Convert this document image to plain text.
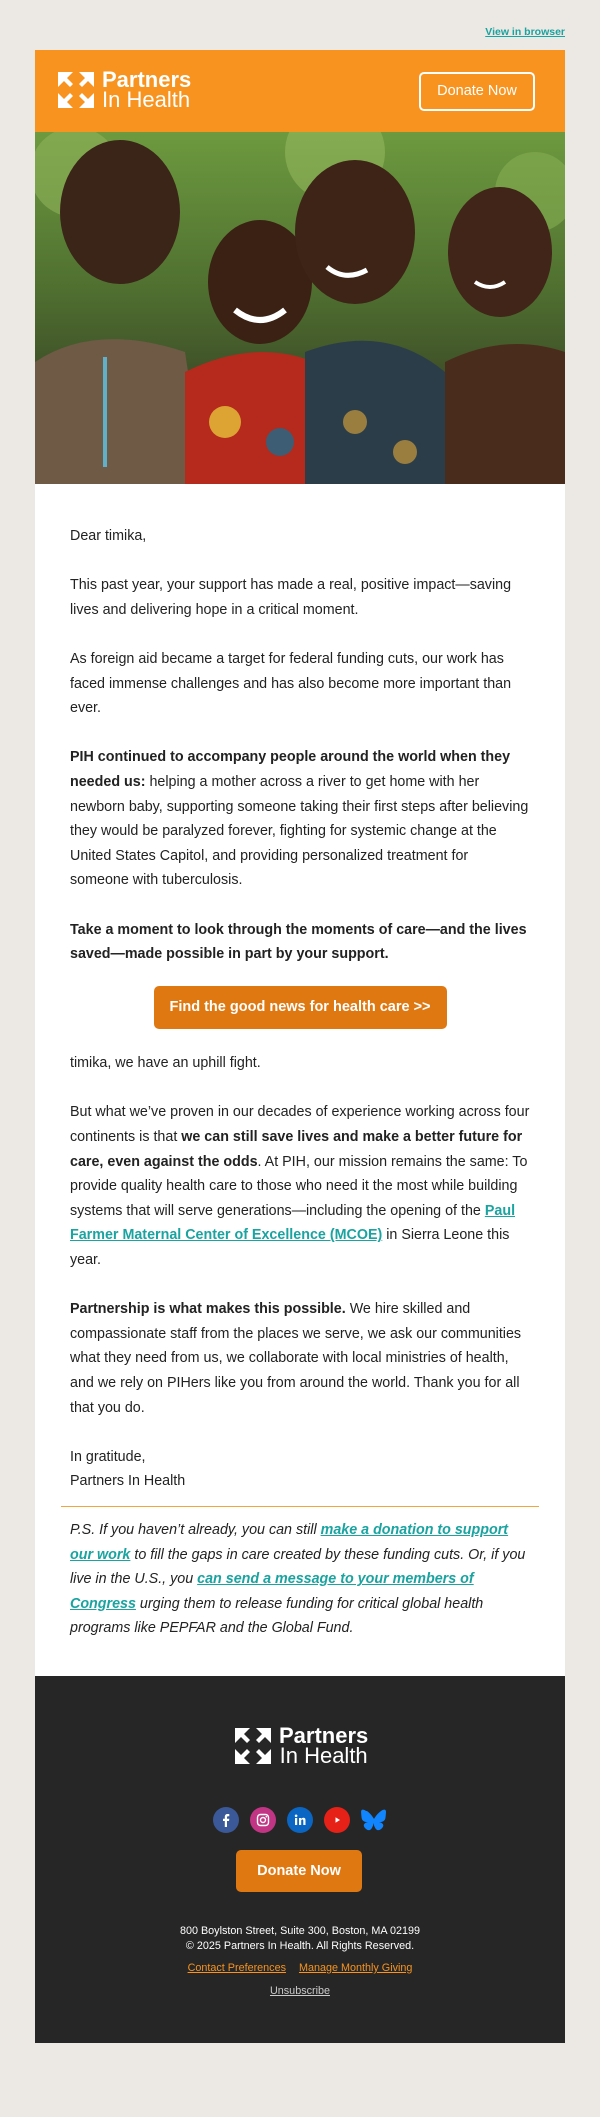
View in browser
Partners
In Health	Donate Now

Dear timika,

This past year, your support has made a real, positive impact—saving lives and delivering hope in a critical moment.

As foreign aid became a target for federal funding cuts, our work has faced immense challenges and has also become more important than ever.

PIH continued to accompany people around the world when they needed us: helping a mother across a river to get home with her newborn baby, supporting someone taking their first steps after believing they would be paralyzed forever, fighting for systemic change at the United States Capitol, and providing personalized treatment for someone with tuberculosis.

Take a moment to look through the moments of care—and the lives saved—made possible in part by your support.

Find the good news for health care >>

timika, we have an uphill fight.

But what we’ve proven in our decades of experience working across four continents is that we can still save lives and make a better future for care, even against the odds. At PIH, our mission remains the same: To provide quality health care to those who need it the most while building systems that will serve generations—including the opening of the Paul Farmer Maternal Center of Excellence (MCOE) in Sierra Leone this year.

Partnership is what makes this possible. We hire skilled and compassionate staff from the places we serve, we ask our communities what they need from us, we collaborate with local ministries of health, and we rely on PIHers like you from around the world. Thank you for all that you do.

In gratitude,
Partners In Health

P.S. If you haven’t already, you can still make a donation to support our work to fill the gaps in care created by these funding cuts. Or, if you live in the U.S., you can send a message to your members of Congress urging them to release funding for critical global health programs like PEPFAR and the Global Fund.

Partners
In Health
Donate Now
800 Boylston Street, Suite 300, Boston, MA 02199
© 2025 Partners In Health. All Rights Reserved.
Contact Preferences Manage Monthly Giving
Unsubscribe
